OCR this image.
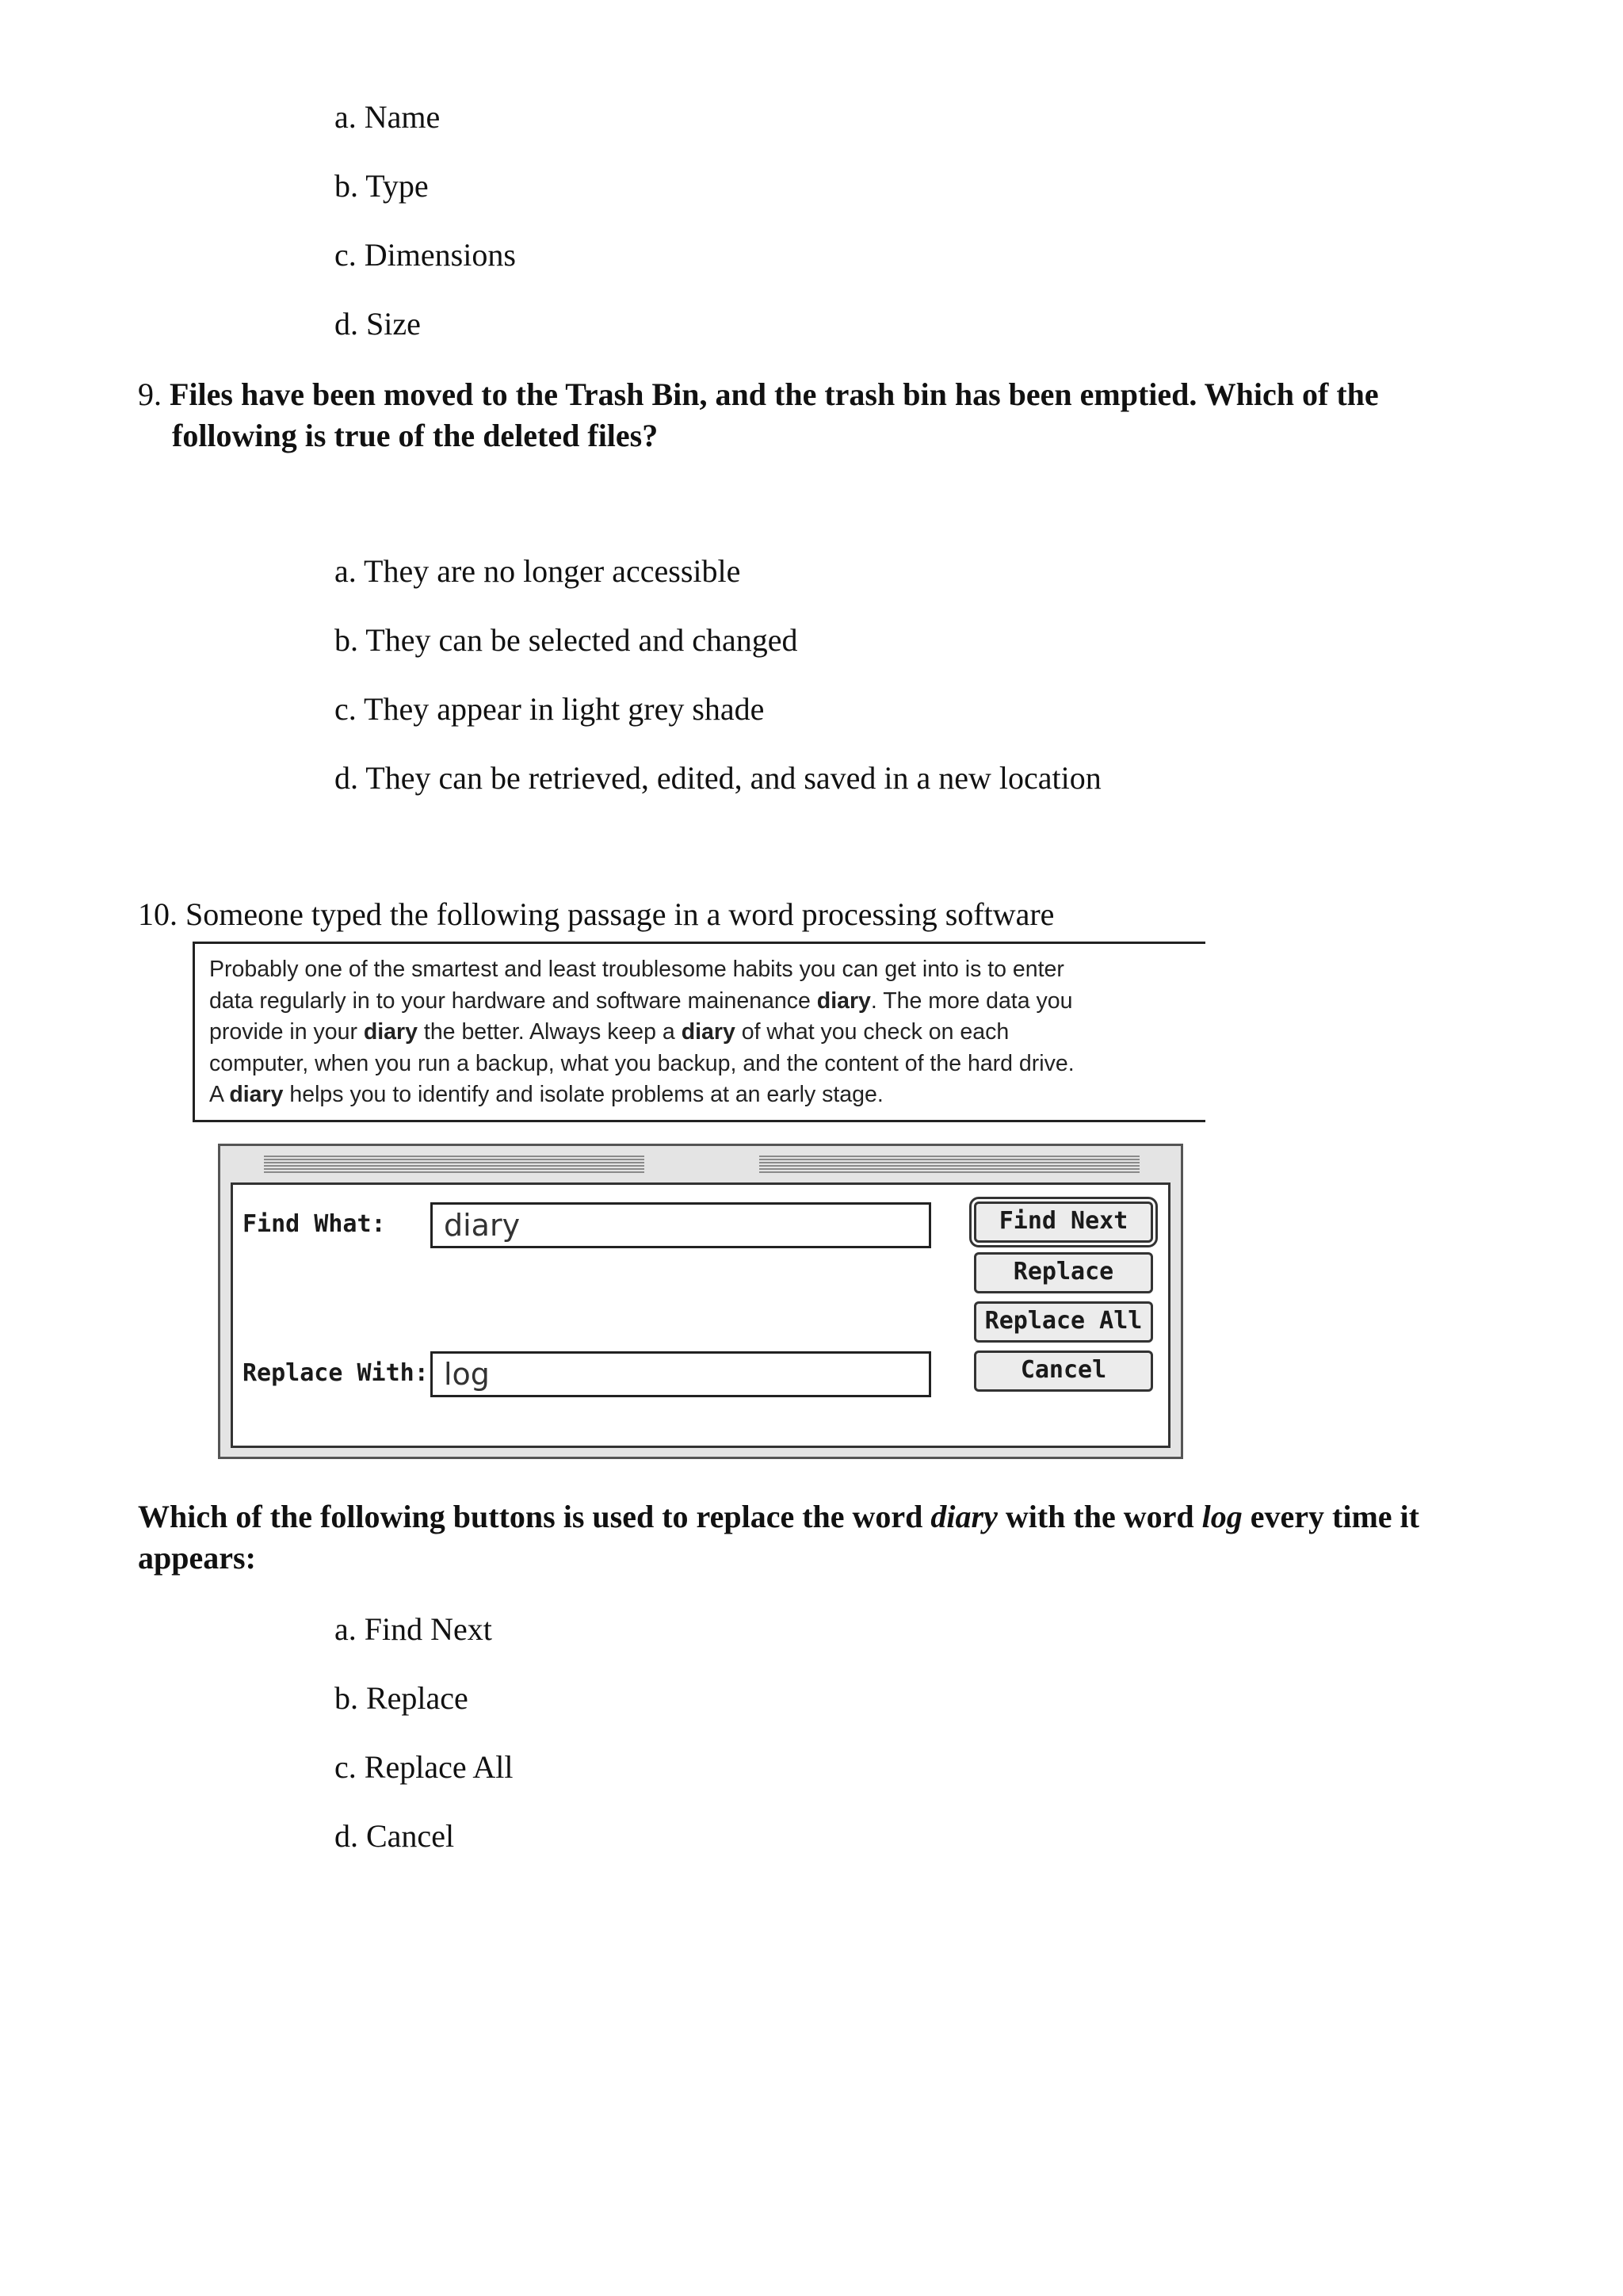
a. Name
b. Type
c. Dimensions
d. Size
9. Files have been moved to the Trash Bin, and the trash bin has been emptied. Which of the
following is true of the deleted files?
a. They are no longer accessible
b. They can be selected and changed
c. They appear in light grey shade
d. They can be retrieved, edited, and saved in a new location
10. Someone typed the following passage in a word processing software
Probably one of the smartest and least troublesome habits you can get into is to enter
data regularly in to your hardware and software mainenance diary. The more data you
provide in your diary the better. Always keep a diary of what you check on each
computer, when you run a backup, what you backup, and the content of the hard drive.
A diary helps you to identify and isolate problems at an early stage.
Find What:	diary
Replace With: log
Find Next
Replace
Replace All
Cancel
Which of the following buttons is used to replace the word diary with the word log every time it
appears:
a. Find Next
b. Replace
c. Replace All
d. Cancel
